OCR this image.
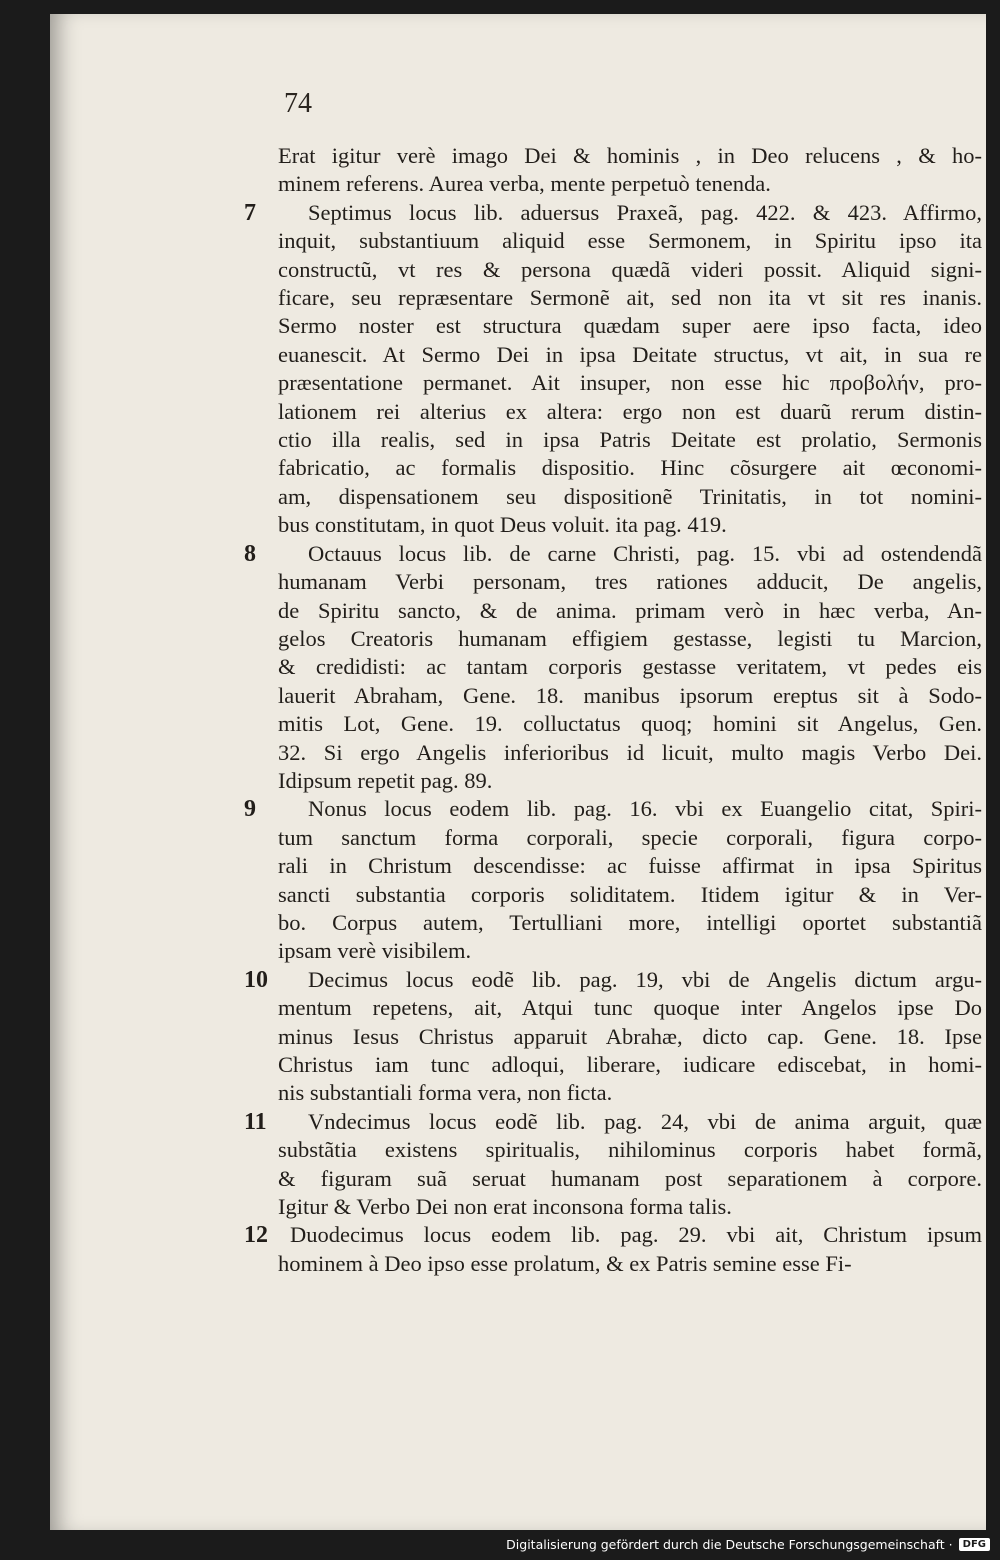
74
Erat igitur verè imago Dei & hominis , in Deo relucens , & ho-
minem referens. Aurea verba, mente perpetuò tenenda.
7	Septimus locus lib. aduersus Praxeã, pag. 422. & 423. Affirmo,
inquit, substantiuum aliquid esse Sermonem, in Spiritu ipso ita
constructũ, vt res & persona quædã videri possit. Aliquid signi-
ficare, seu repræsentare Sermonẽ ait, sed non ita vt sit res inanis.
Sermo noster est structura quædam super aere ipso facta, ideo
euanescit. At Sermo Dei in ipsa Deitate structus, vt ait, in sua re
præsentatione permanet. Ait insuper, non esse hic προβολήν, pro-
lationem rei alterius ex altera: ergo non est duarũ rerum distin-
ctio illa realis, sed in ipsa Patris Deitate est prolatio, Sermonis
fabricatio, ac formalis dispositio. Hinc cõsurgere ait œconomi-
am, dispensationem seu dispositionẽ Trinitatis, in tot nomini-
bus constitutam, in quot Deus voluit. ita pag. 419.
8	Octauus locus lib. de carne Christi, pag. 15. vbi ad ostendendã
humanam Verbi personam, tres rationes adducit, De angelis,
de Spiritu sancto, & de anima. primam verò in hæc verba, An-
gelos Creatoris humanam effigiem gestasse, legisti tu Marcion,
& credidisti: ac tantam corporis gestasse veritatem, vt pedes eis
lauerit Abraham, Gene. 18. manibus ipsorum ereptus sit à Sodo-
mitis Lot, Gene. 19. colluctatus quoq; homini sit Angelus, Gen.
32. Si ergo Angelis inferioribus id licuit, multo magis Verbo Dei.
Idipsum repetit pag. 89.
9	Nonus locus eodem lib. pag. 16. vbi ex Euangelio citat, Spiri-
tum sanctum forma corporali, specie corporali, figura corpo-
rali in Christum descendisse: ac fuisse affirmat in ipsa Spiritus
sancti substantia corporis soliditatem. Itidem igitur & in Ver-
bo. Corpus autem, Tertulliani more, intelligi oportet substantiã
ipsam verè visibilem.
10	Decimus locus eodẽ lib. pag. 19, vbi de Angelis dictum argu-
mentum repetens, ait, Atqui tunc quoque inter Angelos ipse Do
minus Iesus Christus apparuit Abrahæ, dicto cap. Gene. 18. Ipse
Christus iam tunc adloqui, liberare, iudicare ediscebat, in homi-
nis substantiali forma vera, non ficta.
11	Vndecimus locus eodẽ lib. pag. 24, vbi de anima arguit, quæ
substãtia existens spiritualis, nihilominus corporis habet formã,
& figuram suã seruat humanam post separationem à corpore.
Igitur & Verbo Dei non erat inconsona forma talis.
12 Duodecimus locus eodem lib. pag. 29. vbi ait, Christum ipsum
hominem à Deo ipso esse prolatum, & ex Patris semine esse Fi-
Digitalisierung gefördert durch die Deutsche Forschungsgemeinschaft ·	DFG
